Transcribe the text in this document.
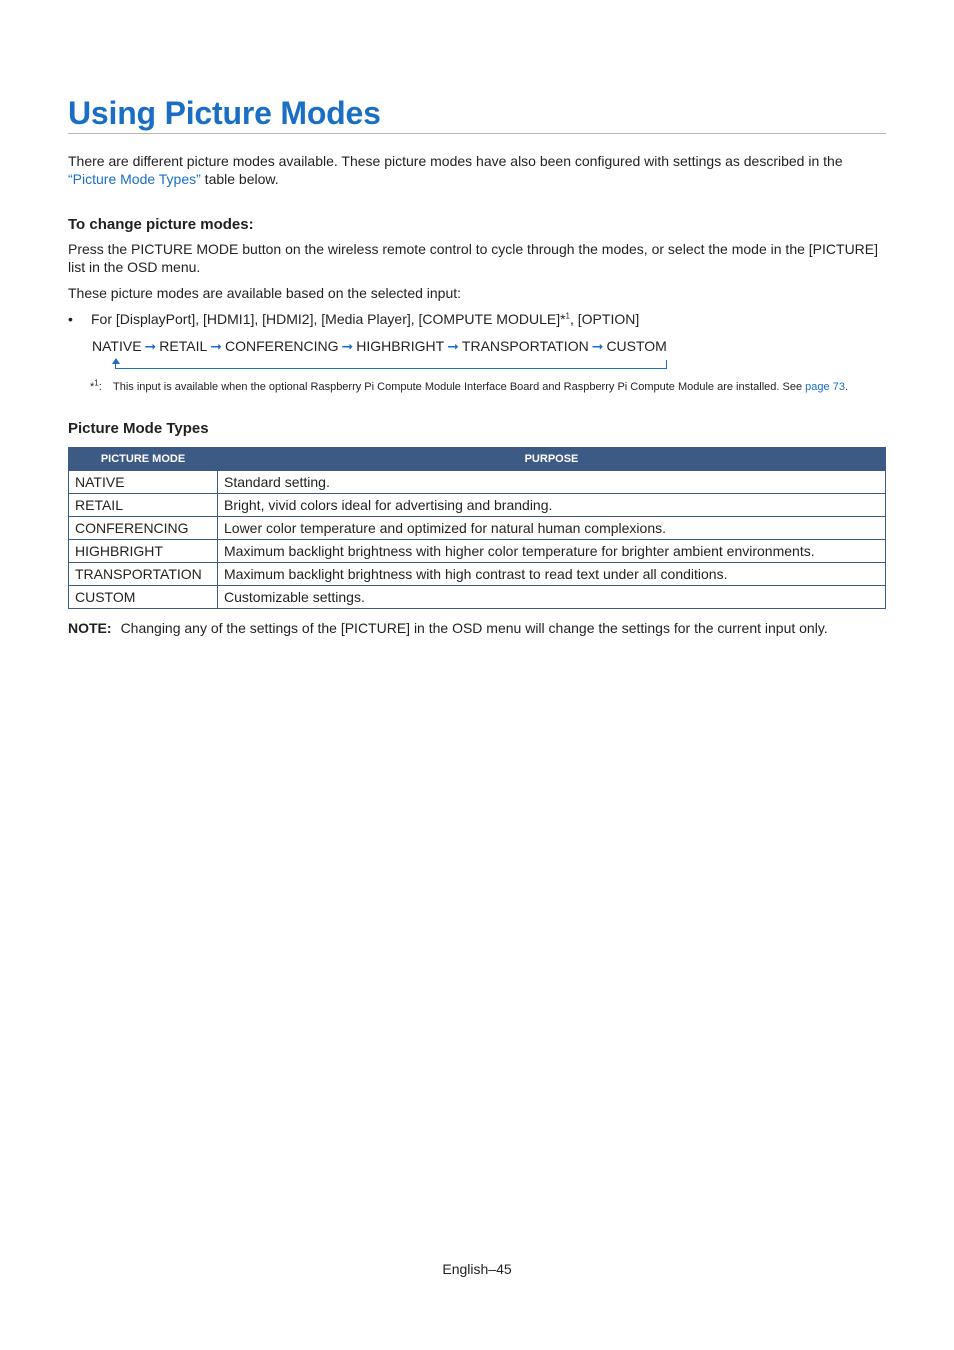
Using Picture Modes

There are different picture modes available. These picture modes have also been configured with settings as described in the
“Picture Mode Types” table below.

To change picture modes:

Press the PICTURE MODE button on the wireless remote control to cycle through the modes, or select the mode in the [PICTURE] list in the OSD menu.

These picture modes are available based on the selected input:

• For [DisplayPort], [HDMI1], [HDMI2], [Media Player], [COMPUTE MODULE]*$^1$, [OPTION]
NATIVE ➞ RETAIL ➞ CONFERENCING ➞ HIGHBRIGHT ➞ TRANSPORTATION ➞ CUSTOM
*$^1$: This input is available when the optional Raspberry Pi Compute Module Interface Board and Raspberry Pi Compute Module are installed. See page 73.
Picture Mode Types
PICTURE MODE	PURPOSE
NATIVE	Standard setting.
RETAIL	Bright, vivid colors ideal for advertising and branding.
CONFERENCING	Lower color temperature and optimized for natural human complexions.
HIGHBRIGHT	Maximum backlight brightness with higher color temperature for brighter ambient environments.
TRANSPORTATION	Maximum backlight brightness with high contrast to read text under all conditions.
CUSTOM	Customizable settings.
NOTE: Changing any of the settings of the [PICTURE] in the OSD menu will change the settings for the current input only.
English–45
